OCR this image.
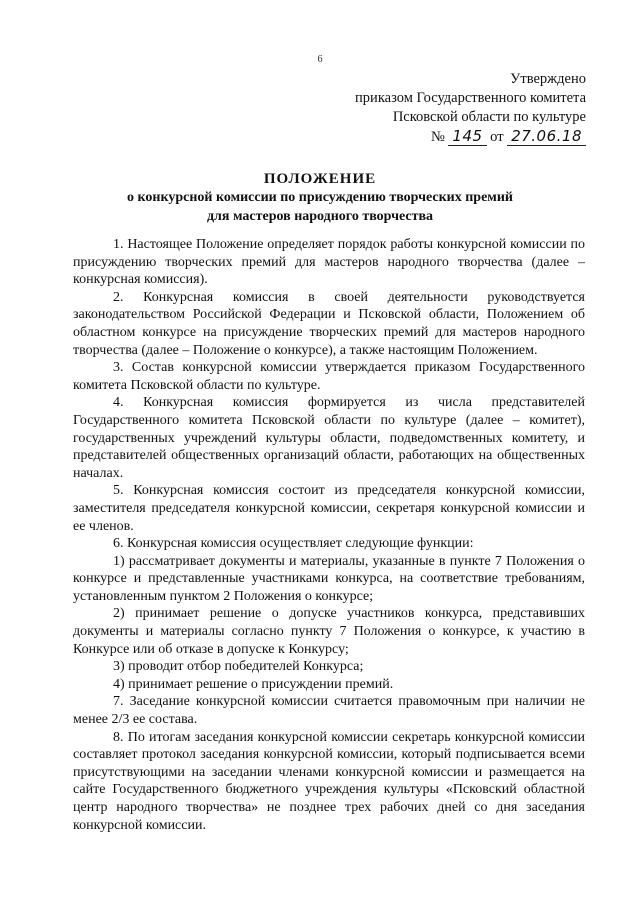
6
Утверждено
приказом Государственного комитета
Псковской области по культуре
№ 145 от 27.06.18
ПОЛОЖЕНИЕ
о конкурсной комиссии по присуждению творческих премий
для мастеров народного творчества

1. Настоящее Положение определяет порядок работы конкурсной комиссии по присуждению творческих премий для мастеров народного творчества (далее – конкурсная комиссия).

2. Конкурсная комиссия в своей деятельности руководствуется законодательством Российской Федерации и Псковской области, Положением об областном конкурсе на присуждение творческих премий для мастеров народного творчества (далее – Положение о конкурсе), а также настоящим Положением.

3. Состав конкурсной комиссии утверждается приказом Государственного комитета Псковской области по культуре.

4. Конкурсная комиссия формируется из числа представителей Государственного комитета Псковской области по культуре (далее – комитет), государственных учреждений культуры области, подведомственных комитету, и представителей общественных организаций области, работающих на общественных началах.

5. Конкурсная комиссия состоит из председателя конкурсной комиссии, заместителя председателя конкурсной комиссии, секретаря конкурсной комиссии и ее членов.

6. Конкурсная комиссия осуществляет следующие функции:

1) рассматривает документы и материалы, указанные в пункте 7 Положения о конкурсе и представленные участниками конкурса, на соответствие требованиям, установленным пунктом 2 Положения о конкурсе;

2) принимает решение о допуске участников конкурса, представивших документы и материалы согласно пункту 7 Положения о конкурсе, к участию в Конкурсе или об отказе в допуске к Конкурсу;

3) проводит отбор победителей Конкурса;

4) принимает решение о присуждении премий.

7. Заседание конкурсной комиссии считается правомочным при наличии не менее 2/3 ее состава.

8. По итогам заседания конкурсной комиссии секретарь конкурсной комиссии составляет протокол заседания конкурсной комиссии, который подписывается всеми присутствующими на заседании членами конкурсной комиссии и размещается на сайте Государственного бюджетного учреждения культуры «Псковский областной центр народного творчества» не позднее трех рабочих дней со дня заседания конкурсной комиссии.
